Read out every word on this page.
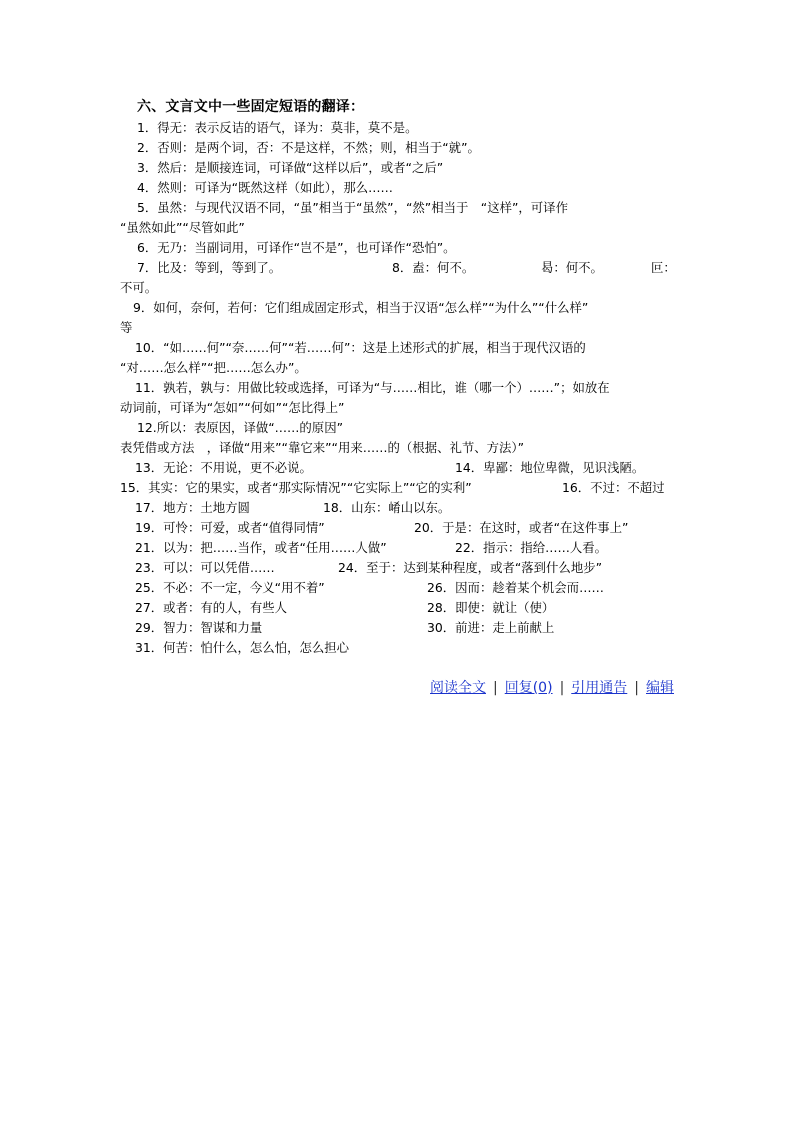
六、文言文中一些固定短语的翻译：
1．得无：表示反诘的语气，译为：莫非，莫不是。
2．否则：是两个词，否：不是这样，不然；则，相当于“就”。
3．然后：是顺接连词，可译做“这样以后”，或者“之后”
4．然则：可译为“既然这样（如此），那么……
5．虽然：与现代汉语不同，“虽”相当于“虽然”，“然”相当于　“这样”，可译作
“虽然如此”“尽管如此”
6．无乃：当副词用，可译作“岂不是”，也可译作“恐怕”。
7．比及：等到，等到了。	8．盍：何不。	曷：何不。	叵：
不可。
9．如何，奈何，若何：它们组成固定形式，相当于汉语“怎么样”“为什么”“什么样”
等
10．“如……何”“奈……何”“若……何”：这是上述形式的扩展，相当于现代汉语的
“对……怎么样”“把……怎么办”。
11．孰若，孰与：用做比较或选择，可译为“与……相比，谁（哪一个）……”；如放在
动词前，可译为“怎如”“何如”“怎比得上”
12.所以：表原因，译做“……的原因”
表凭借或方法　，译做“用来”“靠它来”“用来……的（根据、礼节、方法）”
13．无论：不用说，更不必说。	14．卑鄙：地位卑微，见识浅陋。
15．其实：它的果实，或者“那实际情况”“它实际上”“它的实利”	16．不过：不超过
17．地方：土地方圆	18．山东：崤山以东。
19．可怜：可爱，或者“值得同情”	20．于是：在这时，或者“在这件事上”
21．以为：把……当作，或者“任用……人做”	22．指示：指给……人看。
23．可以：可以凭借……	24．至于：达到某种程度，或者“落到什么地步”
25．不必：不一定，今义“用不着”	26．因而：趁着某个机会而……
27．或者：有的人，有些人	28．即使：就让（使）
29．智力：智谋和力量	30．前进：走上前献上
31．何苦：怕什么，怎么怕，怎么担心
阅读全文 | 回复(0) | 引用通告 | 编辑
